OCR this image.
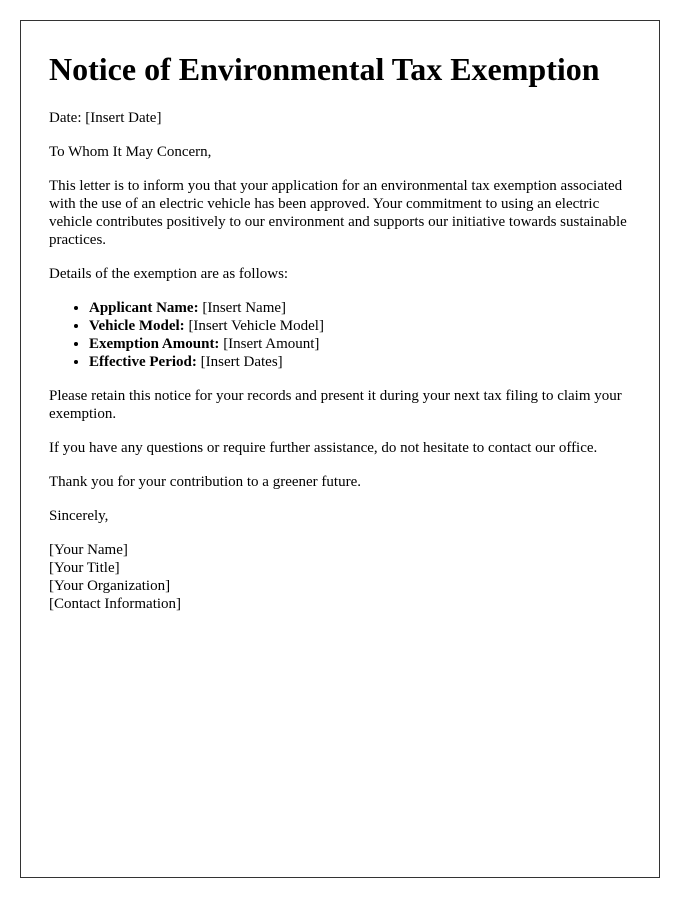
Notice of Environmental Tax Exemption

Date: [Insert Date]

To Whom It May Concern,

This letter is to inform you that your application for an environmental tax exemption associated with the use of an electric vehicle has been approved. Your commitment to using an electric vehicle contributes positively to our environment and supports our initiative towards sustainable practices.

Details of the exemption are as follows:

• Applicant Name: [Insert Name]
• Vehicle Model: [Insert Vehicle Model]
• Exemption Amount: [Insert Amount]
• Effective Period: [Insert Dates]

Please retain this notice for your records and present it during your next tax filing to claim your exemption.

If you have any questions or require further assistance, do not hesitate to contact our office.

Thank you for your contribution to a greener future.

Sincerely,

[Your Name]
[Your Title]
[Your Organization]
[Contact Information]
